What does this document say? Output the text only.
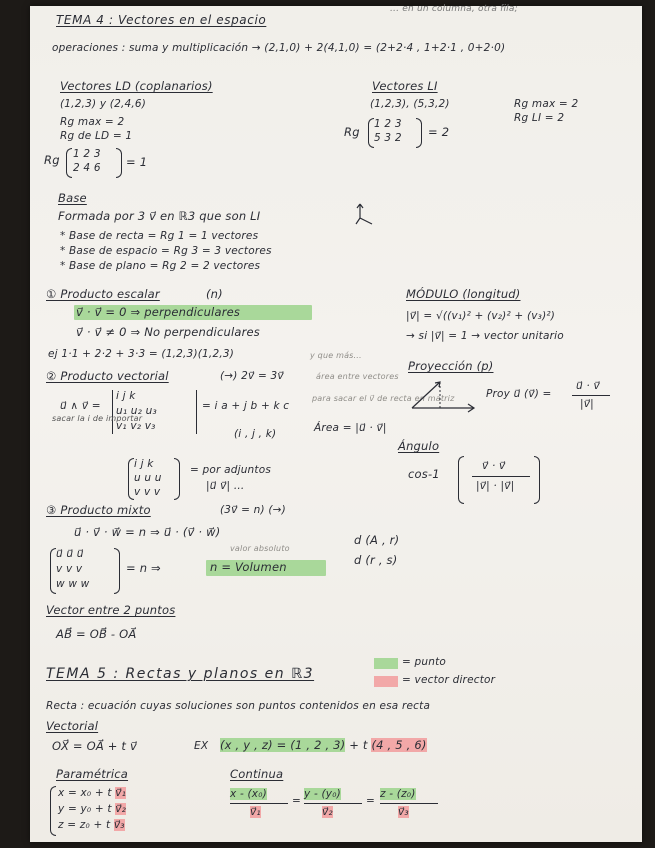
... en un columna, otra fila;
TEMA 4 : Vectores en el espacio
operaciones : suma y multiplicación → (2,1,0) + 2(4,1,0) = (2+2·4 , 1+2·1 , 0+2·0)
Vectores LD (coplanarios)
(1,2,3) y (2,4,6)
Rg max = 2
Rg de LD = 1
Rg 1 2 3
2 4 6 = 1
Vectores LI
(1,2,3), (5,3,2)	Rg max = 2
Rg LI = 2
Rg
1 2 3
5 3 2 = 2
Base
Formada por 3 v⃗ en ℝ3 que son LI
* Base de recta = Rg 1 = 1 vectores
* Base de espacio = Rg 3 = 3 vectores
* Base de plano = Rg 2 = 2 vectores
① Producto escalar	(n)
v⃗ · v⃗ = 0 ⇒ perpendiculares
v⃗ · v⃗ ≠ 0 ⇒ No perpendiculares
ej 1·1 + 2·2 + 3·3 = (1,2,3)(1,2,3)	y que más...
MÓDULO (longitud)
|v⃗| = √((v₁)² + (v₂)² + (v₃)²)
→ si |v⃗| = 1 → vector unitario
② Producto vectorial	(→) 2v⃗ = 3v⃗	área entre vectores
u⃗ ∧ v⃗ =
i j k
u₁ u₂ u₃
v₁ v₂ v₃
= i a + j b + k c
sacar la i de importar
(i , j , k)
para sacar el v⃗ de recta en matriz
Área = |u⃗ · v⃗|
i j k
u u u
v v v
= por adjuntos
|u⃗ v⃗| ...
Proyección (p)
Proy u⃗ (v⃗) =
u⃗ · v⃗
|v⃗|
Ángulo
cos-1
v⃗ · v⃗
|v⃗| · |v⃗|
③ Producto mixto	(3v⃗ = n) (→)
u⃗ · v⃗ · w⃗ = n ⇒ u⃗ · (v⃗ · w⃗)
u⃗ u⃗ u⃗
v v v
w w w
= n ⇒	n = Volumen
valor absoluto
d (A , r)
d (r , s)
Vector entre 2 puntos
AB⃗ = OB⃗ - OA⃗
TEMA 5 : Rectas y planos en ℝ3
= punto
= vector director
Recta : ecuación cuyas soluciones son puntos contenidos en esa recta
Vectorial
OX⃗ = OA⃗ + t v⃗	EX (x , y , z) = (1 , 2 , 3) + t (4 , 5 , 6)
Paramétrica
x = x₀ + t v⃗₁
y = y₀ + t v⃗₂
z = z₀ + t v⃗₃
Continua
x - (x₀)
v⃗₁
=
y - (y₀)
v⃗₂
=
z - (z₀)
v⃗₃
